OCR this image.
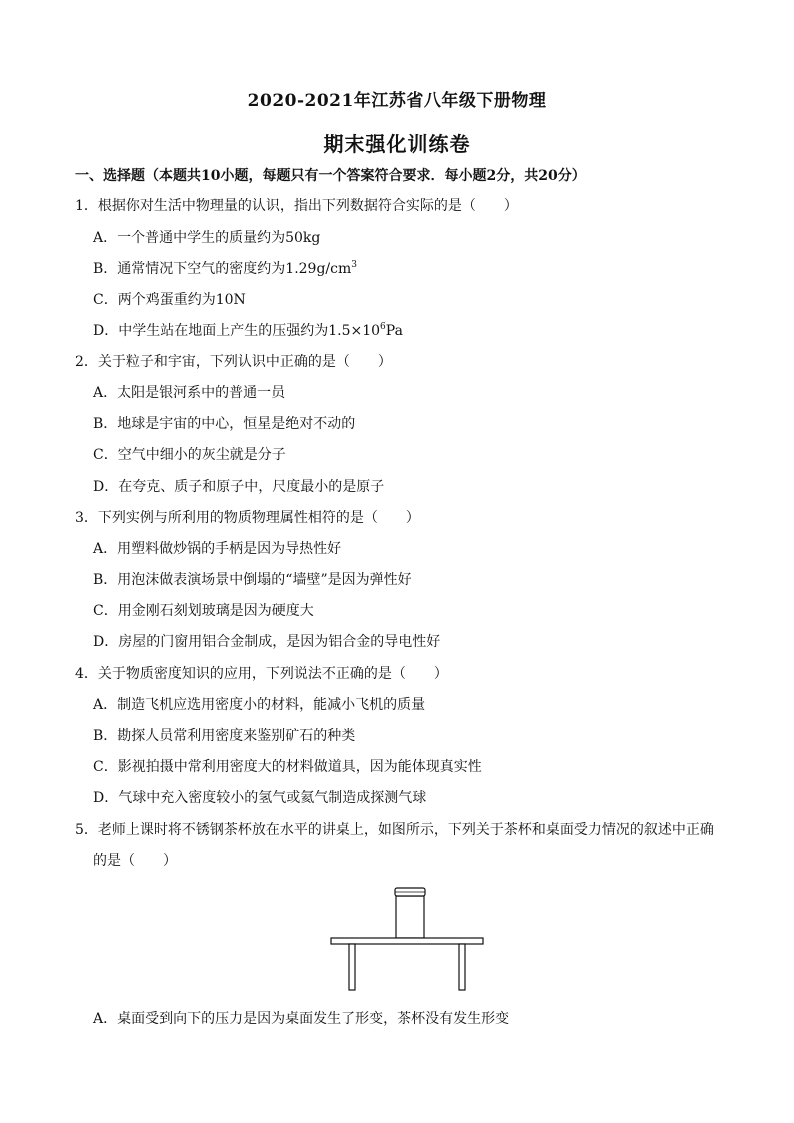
2020-2021年江苏省八年级下册物理
期末强化训练卷
一、选择题（本题共10小题，每题只有一个答案符合要求．每小题2分，共20分）
1．根据你对生活中物理量的认识，指出下列数据符合实际的是（　　）
A．一个普通中学生的质量约为50kg
B．通常情况下空气的密度约为$1.29g/cm^3$
C．两个鸡蛋重约为10N
D．中学生站在地面上产生的压强约为$1.5\times 10^6Pa$
2．关于粒子和宇宙，下列认识中正确的是（　　）
A．太阳是银河系中的普通一员
B．地球是宇宙的中心，恒星是绝对不动的
C．空气中细小的灰尘就是分子
D．在夸克、质子和原子中，尺度最小的是原子
3．下列实例与所利用的物质物理属性相符的是（　　）
A．用塑料做炒锅的手柄是因为导热性好
B．用泡沫做表演场景中倒塌的“墙壁”是因为弹性好
C．用金刚石刻划玻璃是因为硬度大
D．房屋的门窗用铝合金制成，是因为铝合金的导电性好
4．关于物质密度知识的应用，下列说法不正确的是（　　）
A．制造飞机应选用密度小的材料，能减小飞机的质量
B．勘探人员常利用密度来鉴别矿石的种类
C．影视拍摄中常利用密度大的材料做道具，因为能体现真实性
D．气球中充入密度较小的氢气或氦气制造成探测气球
5．老师上课时将不锈钢茶杯放在水平的讲桌上，如图所示，下列关于茶杯和桌面受力情况的叙述中正确
的是（　　）
A．桌面受到向下的压力是因为桌面发生了形变，茶杯没有发生形变
